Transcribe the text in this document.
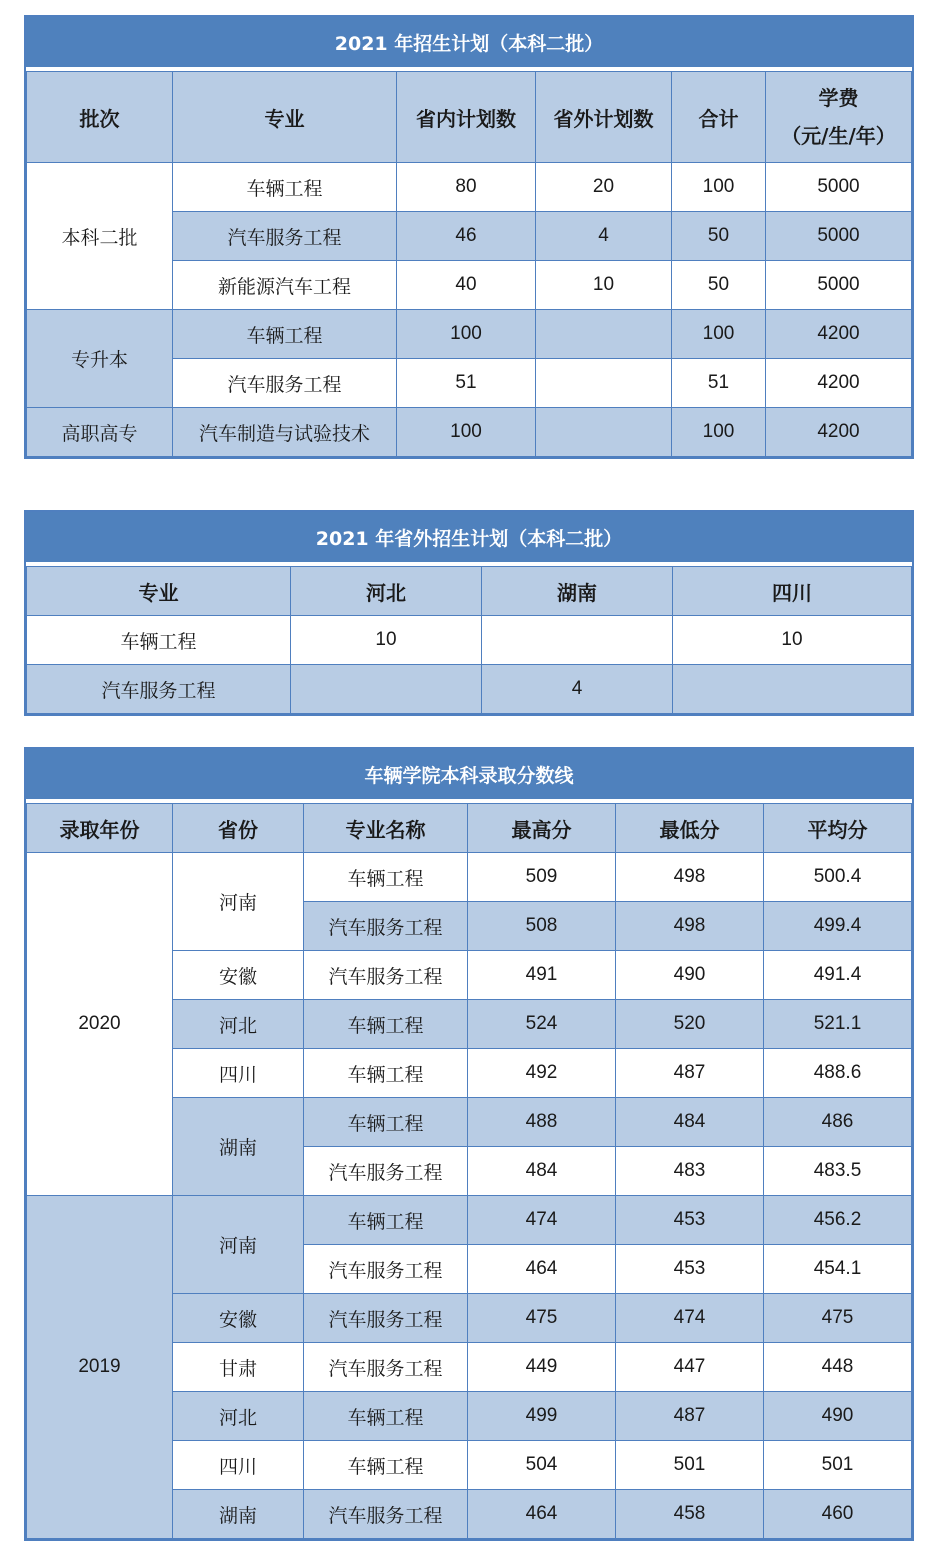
2021 年招生计划（本科二批）
批次	专业	省内计划数	省外计划数	合计	学费
（元/生/年）

本科二批	车辆工程	80	20	100	5000
	汽车服务工程	46	4	50	5000
	新能源汽车工程	40	10	50	5000
专升本	车辆工程	100		100	4200
	汽车服务工程	51		51	4200
高职高专	汽车制造与试验技术	100		100	4200
2021 年省外招生计划（本科二批）
专业	河北	湖南	四川
车辆工程	10		10
汽车服务工程		4	
车辆学院本科录取分数线
录取年份	省份	专业名称	最高分	最低分	平均分
2020	河南	车辆工程	509	498	500.4
		汽车服务工程	508	498	499.4
	安徽	汽车服务工程	491	490	491.4
	河北	车辆工程	524	520	521.1
	四川	车辆工程	492	487	488.6
	湖南	车辆工程	488	484	486
		汽车服务工程	484	483	483.5
2019	河南	车辆工程	474	453	456.2
		汽车服务工程	464	453	454.1
	安徽	汽车服务工程	475	474	475
	甘肃	汽车服务工程	449	447	448
	河北	车辆工程	499	487	490
	四川	车辆工程	504	501	501
	湖南	汽车服务工程	464	458	460
